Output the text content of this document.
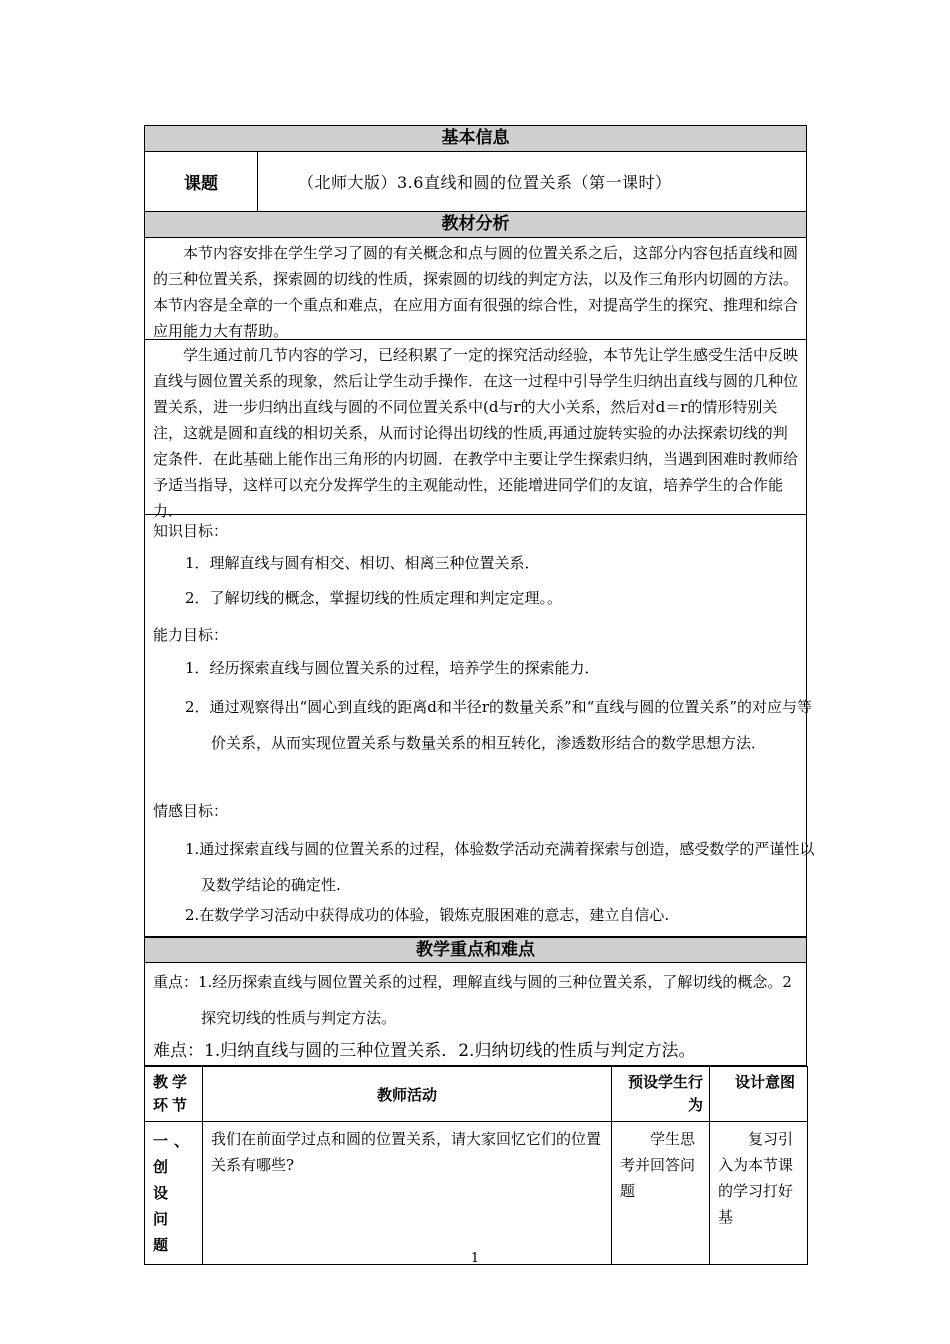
基本信息
课题	（北师大版）3.6直线和圆的位置关系（第一课时）
教材分析

本节内容安排在学生学习了圆的有关概念和点与圆的位置关系之后，这部分内容包括直线和圆的三种位置关系，探索圆的切线的性质，探索圆的切线的判定方法，以及作三角形内切圆的方法。本节内容是全章的一个重点和难点，在应用方面有很强的综合性，对提高学生的探究、推理和综合应用能力大有帮助。

学生通过前几节内容的学习，已经积累了一定的探究活动经验，本节先让学生感受生活中反映直线与圆位置关系的现象，然后让学生动手操作．在这一过程中引导学生归纳出直线与圆的几种位置关系，进一步归纳出直线与圆的不同位置关系中(d与r的大小关系，然后对d＝r的情形特别关注，这就是圆和直线的相切关系，从而讨论得出切线的性质,再通过旋转实验的办法探索切线的判定条件．在此基础上能作出三角形的内切圆．在教学中主要让学生探索归纳，当遇到困难时教师给予适当指导，这样可以充分发挥学生的主观能动性，还能增进同学们的友谊，培养学生的合作能力．

知识目标：

1．理解直线与圆有相交、相切、相离三种位置关系．

2．了解切线的概念，掌握切线的性质定理和判定定理。。

能力目标：

1．经历探索直线与圆位置关系的过程，培养学生的探索能力．

2．通过观察得出“圆心到直线的距离d和半径r的数量关系”和“直线与圆的位置关系”的对应与等价关系，从而实现位置关系与数量关系的相互转化，渗透数形结合的数学思想方法．

情感目标：

1.通过探索直线与圆的位置关系的过程，体验数学活动充满着探索与创造，感受数学的严谨性以及数学结论的确定性.

2.在数学学习活动中获得成功的体验，锻炼克服困难的意志，建立自信心.

教学重点和难点

重点：1.经历探索直线与圆位置关系的过程，理解直线与圆的三种位置关系，了解切线的概念。2探究切线的性质与判定方法。

难点：1.归纳直线与圆的三种位置关系．2.归纳切线的性质与判定方法。

教学环节	教师活动	预设学生行为	设计意图
一、创设问题	我们在前面学过点和圆的位置关系，请大家回忆它们的位置关系有哪些?	学生思考并回答问题	复习引入为本节课的学习打好基
1
